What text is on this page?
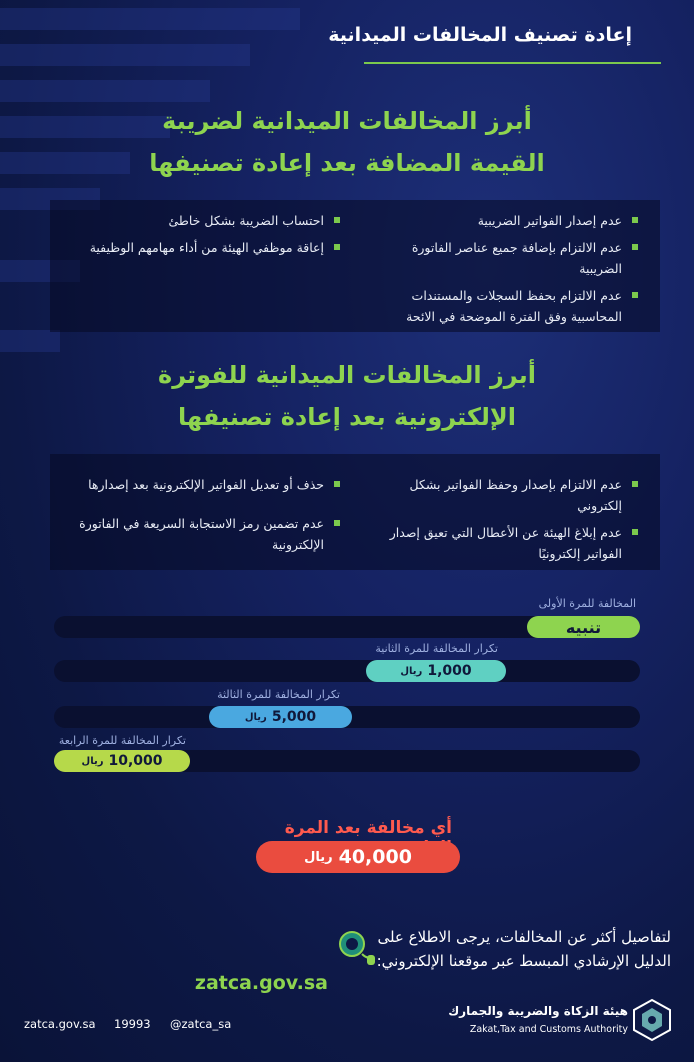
إعادة تصنيف المخالفات الميدانية
أبرز المخالفات الميدانية لضريبة
القيمة المضافة بعد إعادة تصنيفها
عدم إصدار الفواتير الضريبية
عدم الالتزام بإضافة جميع عناصر الفاتورة الضريبية
عدم الالتزام بحفظ السجلات والمستندات المحاسبية وفق الفترة الموضحة في الائحة
احتساب الضريبة بشكل خاطئ
إعاقة موظفي الهيئة من أداء مهامهم الوظيفية
أبرز المخالفات الميدانية للفوترة
الإلكترونية بعد إعادة تصنيفها
عدم الالتزام بإصدار وحفظ الفواتير بشكل إلكتروني
عدم إبلاغ الهيئة عن الأعطال التي تعيق إصدار الفواتير إلكترونيًا
حذف أو تعديل الفواتير الإلكترونية بعد إصدارها
عدم تضمين رمز الاستجابة السريعة في الفاتورة الإلكترونية
المخالفة للمرة الأولى
تنبيه
تكرار المخالفة للمرة الثانية
1,000
ريال
تكرار المخالفة للمرة الثالثة
5,000
ريال
تكرار المخالفة للمرة الرابعة
10,000
ريال
أي مخالفة بعد المرة
40,000
ريال
لتفاصيل أكثر عن المخالفات، يرجى الاطلاع على
الدليل الإرشادي المبسط عبر موقعنا الإلكتروني:
zatca.gov.sa
zatca.gov.sa 19993 @zatca_sa
هيئة الزكاة والضريبة والجمارك
Zakat,Tax and Customs Authority
